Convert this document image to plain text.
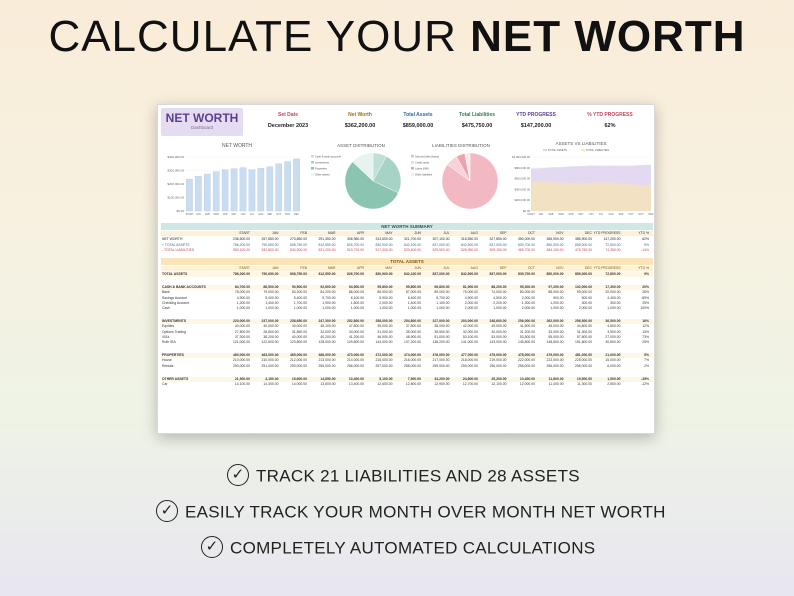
CALCULATE YOUR NET WORTH
NET WORTH
Dashboard
Set Date
December 2023
Net Worth
$362,200.00
Total Assets
$859,000.00
Total Liabilities
$475,750.00
YTD PROGRESS
$147,200.00
% YTD PROGRESS
62%
NET WORTH
$400,000.00
$300,000.00
$200,000.00
$100,000.00
$0.00
START JAN FEB MAR APR MAY JUN JUL AUG SEP OCT NOV DEC
ASSET DISTRIBUTION
Cash & bank accounts
Investments
Properties
Other assets
LIABILITIES DISTRIBUTION
Secured debt (loans)
Credit cards
Loans (NW)
Other liabilities
ASSETS VS LIABILITIES
TOTAL ASSETS	TOTAL LIABILITIES
$1,000,000.00
$800,000.00
$600,000.00
$400,000.00
$200,000.00
$0.00
START JAN FEB MAR APR MAY JUN JUL AUG SEP OCT NOV DEC
NET WORTH SUMMARY
START	JAN	FEB	MAR	APR	MAY	JUN	JUL	AUG	SEP	OCT	NOV	DEC YTD PROGRESS	YTD %
NET WORTH	236,500.00	257,850.00	273,850.00	291,350.00	306,980.00	313,600.00	321,700.00	307,100.00	316,550.00	327,850.00	350,000.00	365,900.00	385,900.00	147,200.00	62%
+ TOTAL ASSETS	786,200.00	790,650.00	808,750.00	812,550.00	826,700.00	830,900.00	842,100.00	837,000.00	842,500.00	837,000.00	839,700.00	850,000.00	859,000.00	72,800.00	9%
- TOTAL LIABILITIES	550,100.00	532,800.00	534,900.00	521,200.00	519,720.00	517,300.00	520,400.00	529,900.00	525,950.00	509,150.00	489,700.00	484,100.00	475,750.00	74,350.00	-14%
TOTAL ASSETS
START	JAN	FEB	MAR	APR	MAY	JUN	JUL	AUG	SEP	OCT	NOV	DEC YTD PROGRESS	YTD %
TOTAL ASSETS	786,200.00	790,650.00	808,750.00	812,550.00	826,700.00	830,900.00	842,100.00	837,000.00	842,500.00	837,000.00	839,700.00	850,000.00	859,000.00	72,800.00	9%
CASH & BANK ACCOUNTS	84,700.00	86,500.00	90,500.00	92,600.00	94,500.00	95,800.00	95,800.00	96,800.00	81,900.00	88,200.00	95,300.00	97,200.00	102,000.00	17,300.00	20%
Bank	78,000.00	79,000.00	83,200.00	84,200.00	86,000.00	86,900.00	87,000.00	89,000.00	75,000.00	74,000.00	80,000.00	88,000.00	99,000.00	20,000.00	26%
Savings Account	4,900.00	5,400.00	5,400.00	5,700.00	6,100.00	5,900.00	6,400.00	6,700.00	4,900.00	4,500.00	2,000.00	500.00	500.00	4,400.00	-89%
Checking Account	1,200.00	1,400.00	1,700.00	1,900.00	1,600.00	2,000.00	1,400.00	1,100.00	2,000.00	2,200.00	1,300.00	1,200.00	300.00	300.00	25%
Cash	1,000.00	1,000.00	1,000.00	1,000.00	1,000.00	1,000.00	1,000.00	1,000.00	2,000.00	1,000.00	2,000.00	1,000.00	2,000.00	1,000.00	100%
INVESTMENTS	220,000.00	237,000.00	238,650.00	247,300.00	252,800.00	258,000.00	254,800.00	227,000.00	203,000.00	248,600.00	256,000.00	262,000.00	256,500.00	36,500.00	16%
Equities	40,000.00	40,000.00	40,000.00	45,100.00	47,800.00	35,000.00	37,800.00	38,000.00	42,000.00	49,000.00	41,500.00	45,000.00	44,800.00	4,800.00	12%
Options Trading	27,800.00	28,800.00	31,850.00	32,000.00	34,000.00	31,000.00	35,000.00	35,500.00	32,000.00	30,000.00	31,200.00	33,000.00	31,300.00	3,500.00	13%
401k	37,300.00	38,200.00	40,000.00	40,200.00	41,200.00	46,900.00	48,900.00	51,000.00	53,100.00	53,000.00	53,500.00	55,000.00	57,800.00	27,000.00	73%
Roth IRA	121,000.00	122,600.00	123,800.00	128,000.00	129,800.00	144,000.00	137,200.00	138,200.00	141,000.00	143,000.00	145,800.00	148,800.00	151,800.00	30,800.00	25%
PROPERTIES	460,000.00	463,000.00	465,000.00	468,000.00	470,000.00	472,000.00	474,000.00	476,000.00	477,000.00	475,000.00	478,000.00	479,000.00	481,000.00	21,000.00	5%
House	210,000.00	210,000.00	212,000.00	213,000.00	214,000.00	215,000.00	216,000.00	217,000.00	218,000.00	219,000.00	222,000.00	223,000.00	225,000.00	15,000.00	7%
Rentals	250,000.00	251,000.00	253,000.00	255,000.00	256,000.00	257,000.00	258,000.00	259,000.00	259,000.00	256,000.00	256,000.00	256,000.00	256,000.00	6,000.00	2%
OTHER ASSETS	21,500.00	4,150.00	15,600.00	14,650.00	10,400.00	5,100.00	7,500.00	34,200.00	24,600.00	25,200.00	10,400.00	11,800.00	19,500.00	1,500.00	-35%
Car	14,100.00	14,300.00	14,000.00	13,600.00	13,400.00	12,600.00	12,800.00	12,900.00	12,700.00	12,100.00	12,000.00	11,400.00	11,300.00	2,800.00	-12%
✓ TRACK 21 LIABILITIES AND 28 ASSETS
✓ EASILY TRACK YOUR MONTH OVER MONTH NET WORTH
✓ COMPLETELY AUTOMATED CALCULATIONS
